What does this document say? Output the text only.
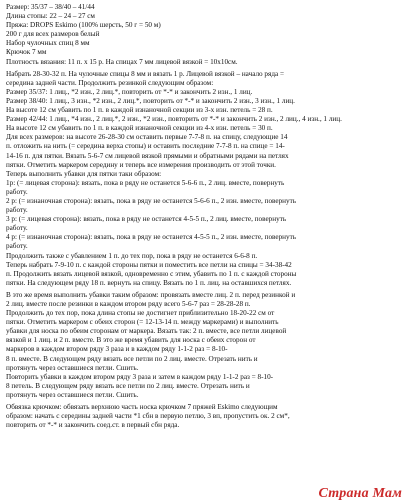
Размер: 35/37 – 38/40 – 41/44
Длина стопы: 22 – 24 – 27 см
Пряжа: DROPS Eskimo (100% шерсть, 50 г = 50 м)
200 г для всех размеров белый
Набор чулочных спиц 8 мм
Крючок 7 мм
Плотность вязания: 11 п. x 15 р. На спицах 7 мм лицевой вязкой = 10x10см.
Набрать 28-30-32 п. На чулочные спицы 8 мм и вязать 1 р. Лицевой вязкой – начало ряда =
середина задней части. Продолжить резинкой следующим образом:
Размер 35/37: 1 лиц., *2 изн., 2 лиц.*, повторить от *-* и закончить 2 изн., 1 лиц.
Размер 38/40: 1 лиц., 3 изн., *2 изн., 2 лиц.*, повторить от *-* и закончить 2 изн., 3 изн., 1 лиц.
На высоте 12 см убавить по 1 п. в каждой изнаночной секции из 3-х изн. петель = 28 п.
Размер 42/44: 1 лиц., *4 изн., 2 лиц.*, 2 изн., *2 изн., повторить от *-* и закончить 2 изн., 2 лиц., 4 изн., 1 лиц.
На высоте 12 см убавить по 1 п. в каждой изнаночной секции из 4-х изн. петель = 30 п.
Для всех размеров: на высоте 26-28-30 см оставить первые 7-7-8 п. на спицу, следующие 14
п. отложить на нить (= середина верха стопы) и оставить последние 7-7-8 п. на спице = 14-
14-16 п. для пятки. Вязать 5-6-7 см лицевой вязкой прямыми и обратными рядами на петлях
пятки. Отметить маркером середину и теперь все измерения производить от этой точки.
Теперь выполнить убавки для пятки таки образом:
1р: (= лицевая сторона): вязать, пока в ряду не останется 5-6-6 п., 2 лиц. вместе, повернуть
работу.
2 р: (= изнаночная сторона): вязать, пока в ряду не останется 5-6-6 п., 2 изн. вместе, повернуть
работу.
3 р: (= лицевая сторона): вязать, пока в ряду не останется 4-5-5 п., 2 лиц. вместе, повернуть
работу.
4 р: (= изнаночная сторона): вязать, пока в ряду не останется 4-5-5 п., 2 изн. вместе, повернуть
работу.
Продолжить также с убавлением 1 п. до тех пор, пока в ряду не останется 6-6-8 п.
Теперь набрать 7-9-10 п. с каждой стороны пятки и поместить все петли на спицы = 34-38-42
п. Продолжить вязать лицевой вязкой, одновременно с этим, убавить по 1 п. с каждой стороны
пятки. На следующем ряду 18 п. вернуть на спицу. Вязать по 1 п. лиц. на оставшихся петлях.
В это же время выполнить убавки таким образом: провязать вместе лиц. 2 п. перед резинкой и
2 лиц. вместе после резинки в каждом втором ряду всего 5-6-7 раз = 28-28-28 п.
Продолжить до тех пор, пока длина стопы не достигнет приблизительно 18-20-22 см от
пятки. Отметить маркером с обеих сторон (= 12-13-14 п. между маркерами) и выполнить
убавки для носка по обеим сторонам от маркера. Вязать так: 2 п. вместе, все петли лицевой
вязкой и 1 лиц. и 2 п. вместе. В это же время убавить для носка с обеих сторон от
маркеров в каждом втором ряду 3 раза и в каждом ряду 1-1-2 раз = 8-10-
8 п. вместе. В следующем ряду вязать все петли по 2 лиц. вместе. Отрезать нить и
протянуть через оставшиеся петли. Сшить.
Повторить убавки в каждом втором ряду 3 раза и затем в каждом ряду 1-1-2 раз = 8-10-
8 петель. В следующем ряду вязать все петли по 2 лиц. вместе. Отрезать нить и
протянуть через оставшиеся петли. Сшить.
Обвязка крючком: обвязать верхнюю часть носка крючком 7 пряжей Eskimo следующим
образом: начать с середины задней части *1 сбн в первую петлю, 3 вп, пропустить ок. 2 см*,
повторить от *-* и закончить соед.ст. в первый сбн ряда.
Страна Мам
